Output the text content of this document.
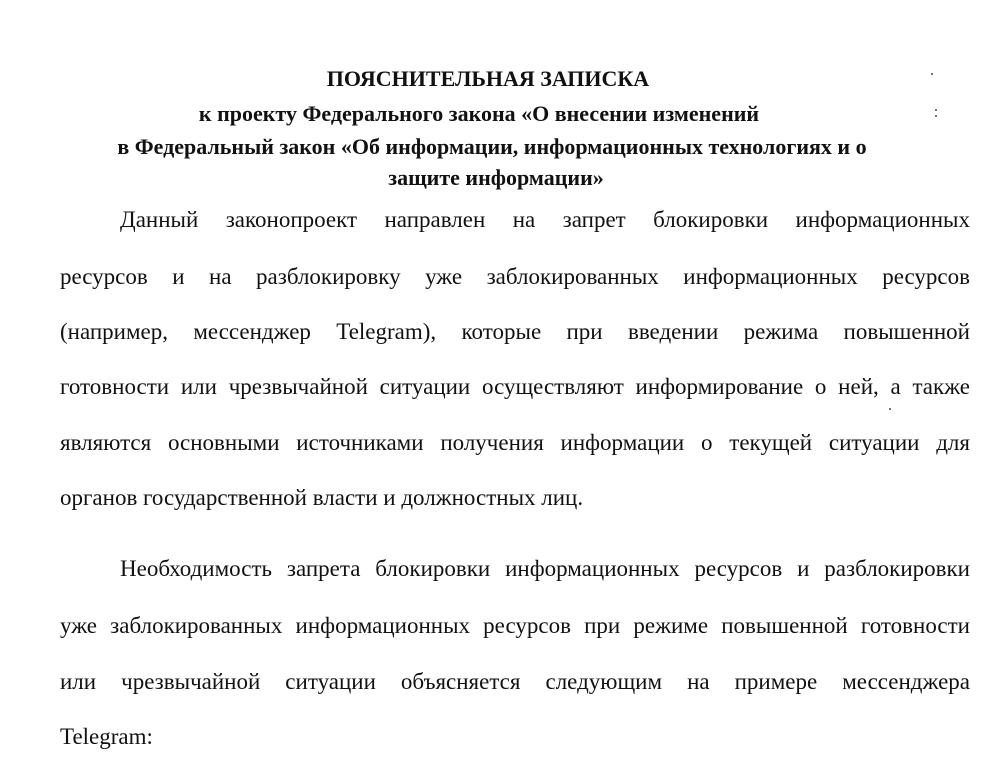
ПОЯСНИТЕЛЬНАЯ ЗАПИСКА

к проекту Федерального закона «О внесении изменений

в Федеральный закон «Об информации, информационных технологиях и о

защите информации»

Данный законопроект направлен на запрет блокировки информационных

ресурсов и на разблокировку уже заблокированных информационных ресурсов

(например, мессенджер Telegram), которые при введении режима повышенной

готовности или чрезвычайной ситуации осуществляют информирование о ней, а также

являются основными источниками получения информации о текущей ситуации для

органов государственной власти и должностных лиц.

Необходимость запрета блокировки информационных ресурсов и разблокировки

уже заблокированных информационных ресурсов при режиме повышенной готовности

или чрезвычайной ситуации объясняется следующим на примере мессенджера

Telegram:
